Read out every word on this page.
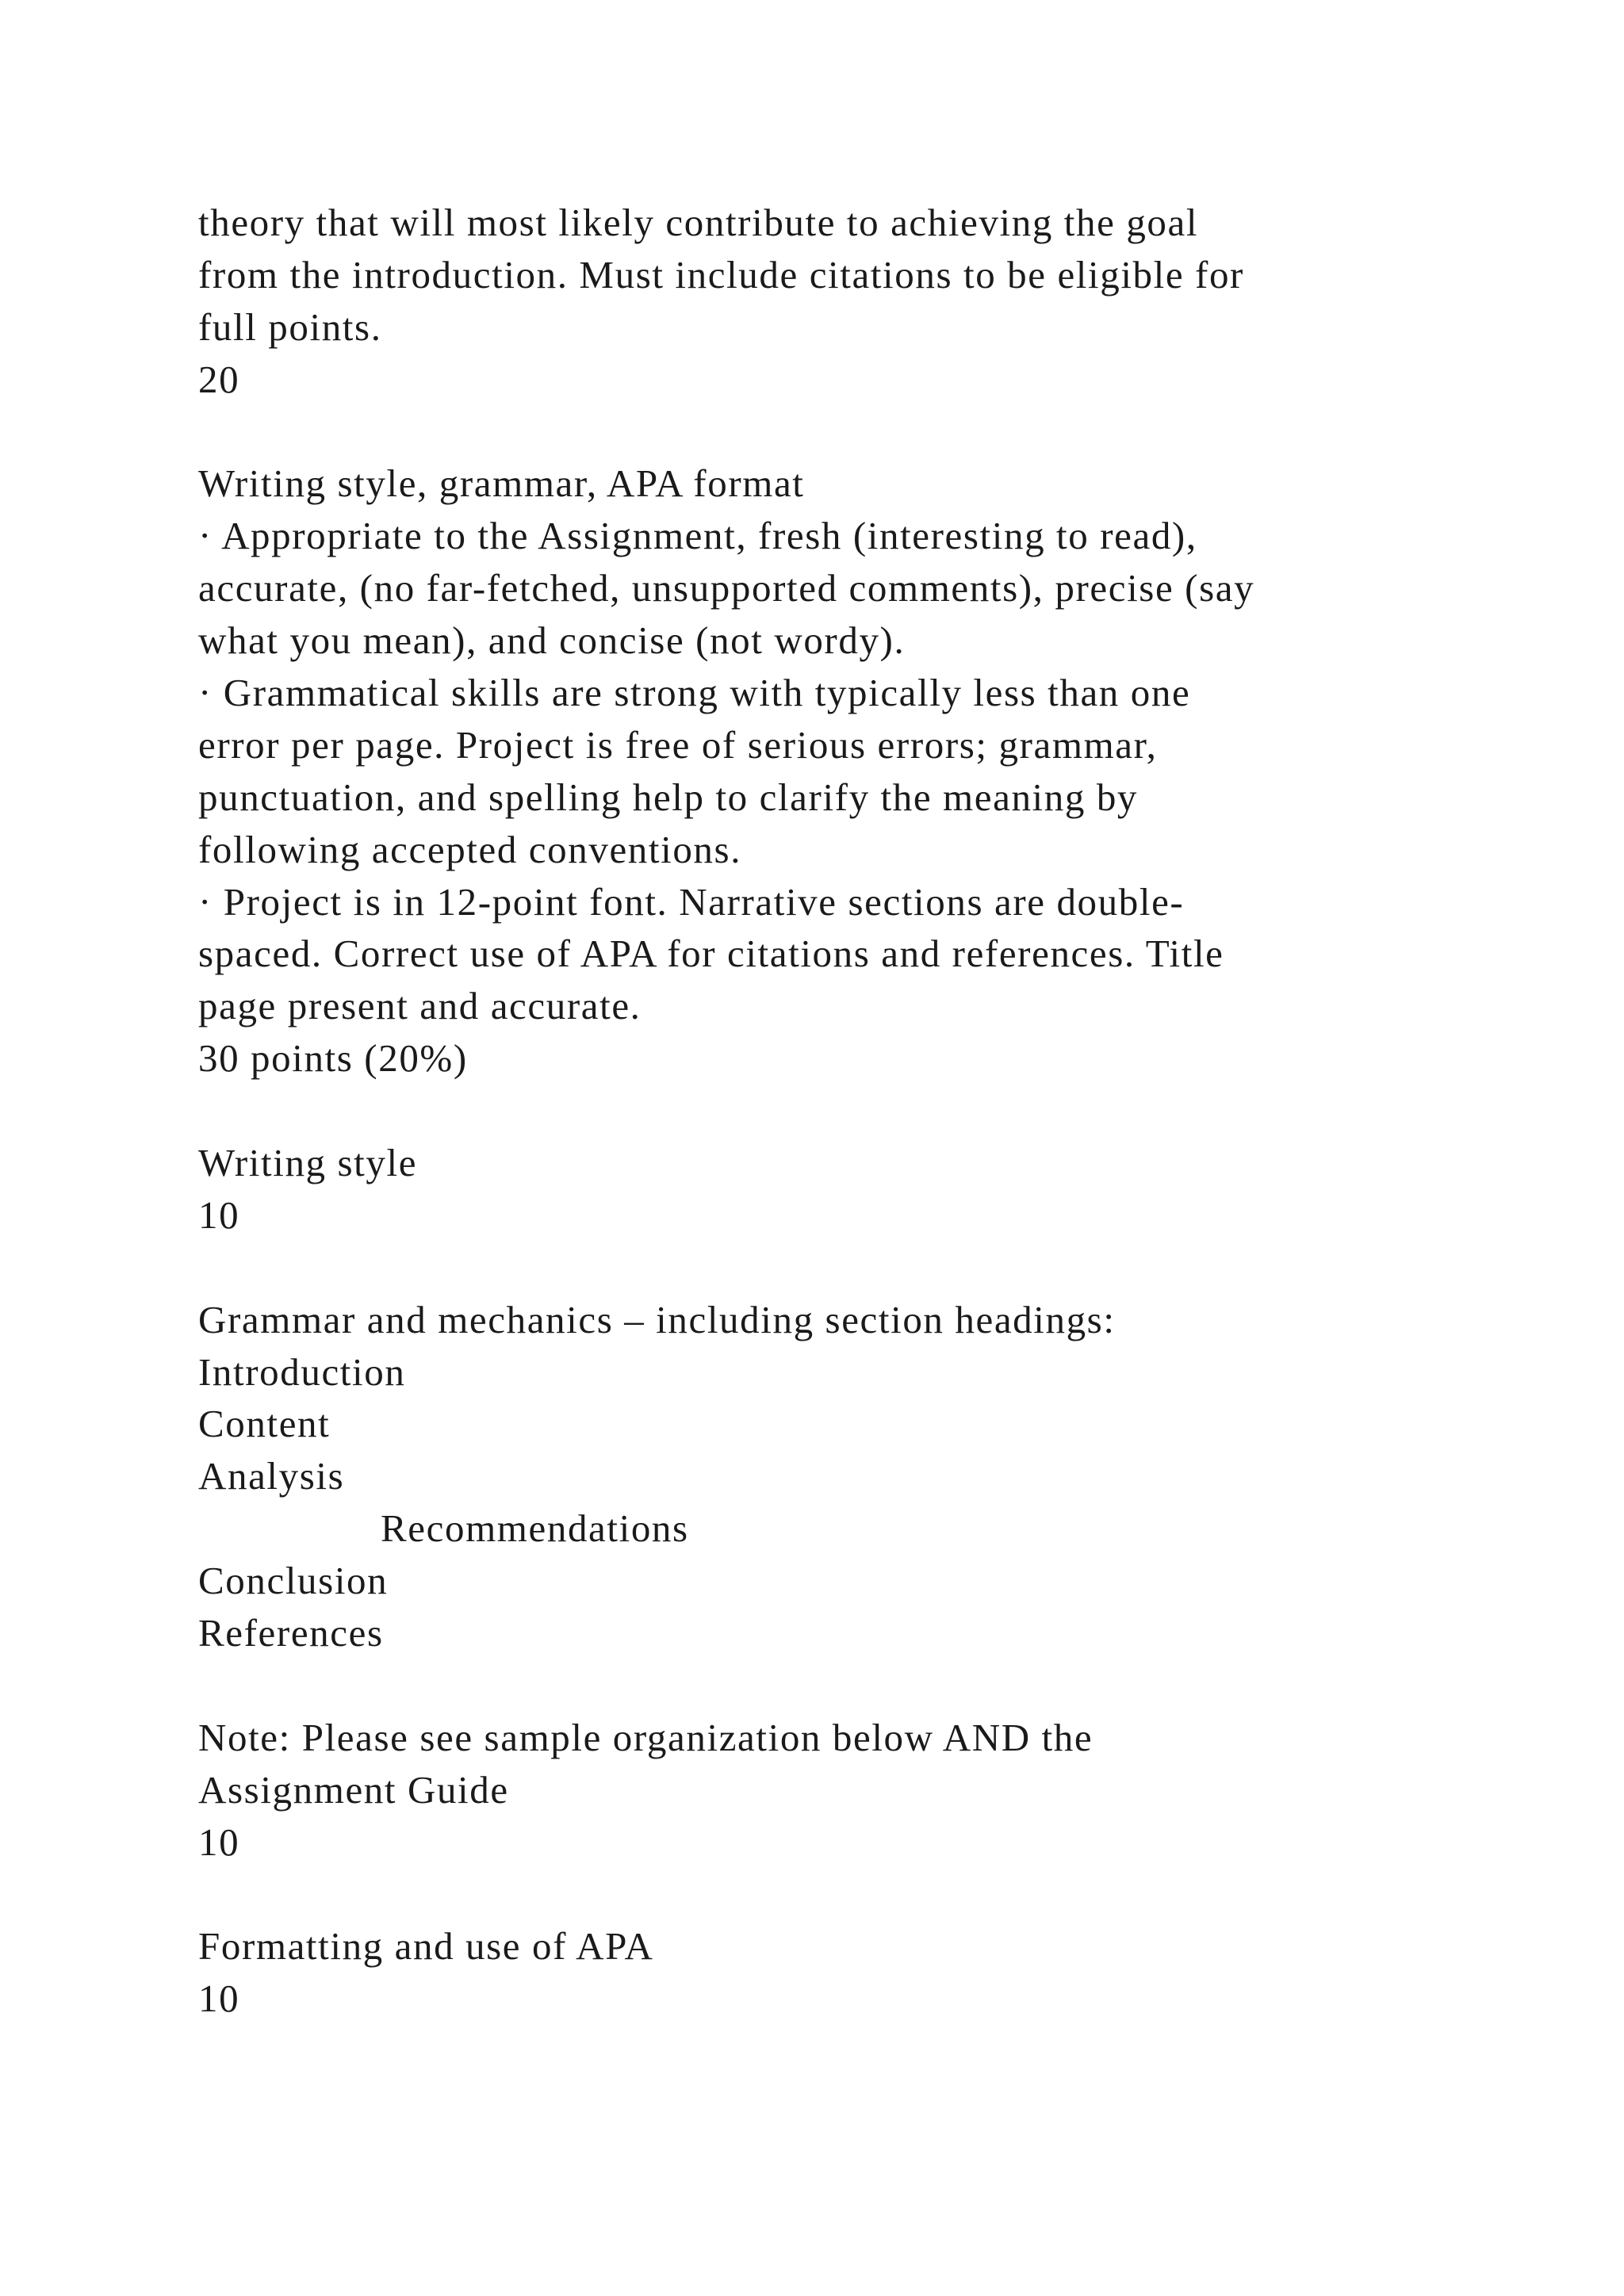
theory that will most likely contribute to achieving the goal
from the introduction. Must include citations to be eligible for
full points.
20
Writing style, grammar, APA format
· Appropriate to the Assignment, fresh (interesting to read),
accurate, (no far-fetched, unsupported comments), precise (say
what you mean), and concise (not wordy).
· Grammatical skills are strong with typically less than one
error per page. Project is free of serious errors; grammar,
punctuation, and spelling help to clarify the meaning by
following accepted conventions.
· Project is in 12-point font. Narrative sections are double-
spaced. Correct use of APA for citations and references. Title
page present and accurate.
30 points (20%)
Writing style
10
Grammar and mechanics – including section headings:
Introduction
Content
Analysis
Recommendations
Conclusion
References
Note: Please see sample organization below AND the
Assignment Guide
10
Formatting and use of APA
10
